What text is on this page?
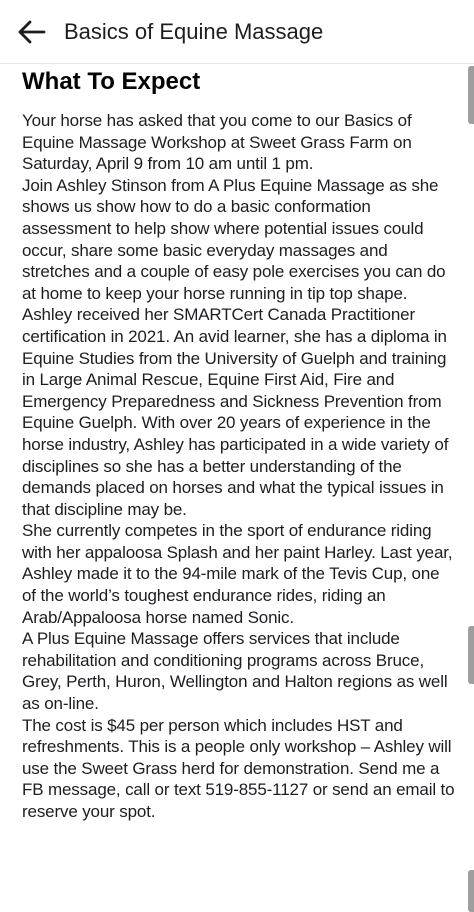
Basics of Equine Massage
What To Expect

Your horse has asked that you come to our Basics of Equine Massage Workshop at Sweet Grass Farm on Saturday, April 9 from 10 am until 1 pm.

Join Ashley Stinson from A Plus Equine Massage as she shows us show how to do a basic conformation assessment to help show where potential issues could occur, share some basic everyday massages and stretches and a couple of easy pole exercises you can do at home to keep your horse running in tip top shape.

Ashley received her SMARTCert Canada Practitioner certification in 2021. An avid learner, she has a diploma in Equine Studies from the University of Guelph and training in Large Animal Rescue, Equine First Aid, Fire and Emergency Preparedness and Sickness Prevention from Equine Guelph. With over 20 years of experience in the horse industry, Ashley has participated in a wide variety of disciplines so she has a better understanding of the demands placed on horses and what the typical issues in that discipline may be.

She currently competes in the sport of endurance riding with her appaloosa Splash and her paint Harley. Last year, Ashley made it to the 94-mile mark of the Tevis Cup, one of the world’s toughest endurance rides, riding an Arab/Appaloosa horse named Sonic.

A Plus Equine Massage offers services that include rehabilitation and conditioning programs across Bruce, Grey, Perth, Huron, Wellington and Halton regions as well as on-line.

The cost is $45 per person which includes HST and refreshments. This is a people only workshop – Ashley will use the Sweet Grass herd for demonstration. Send me a FB message, call or text 519-855-1127 or send an email to reserve your spot.
